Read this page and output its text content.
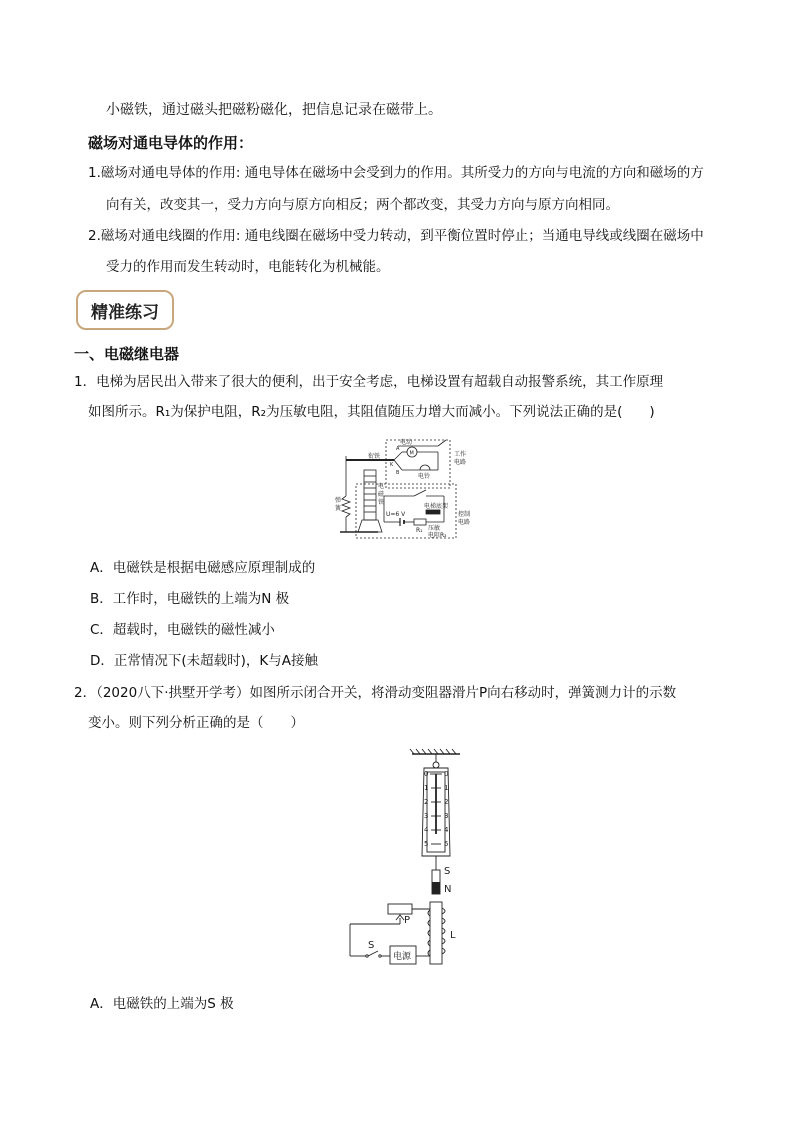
小磁铁，通过磁头把磁粉磁化，把信息记录在磁带上。
磁场对通电导体的作用：
1.磁场对通电导体的作用: 通电导体在磁场中会受到力的作用。其所受力的方向与电流的方向和磁场的方
向有关，改变其一，受力方向与原方向相反；两个都改变，其受力方向与原方向相同。
2.磁场对通电线圈的作用: 通电线圈在磁场中受力转动，到平衡位置时停止；当通电导线或线圈在磁场中
受力的作用而发生转动时，电能转化为机械能。
精准练习
一、电磁继电器
1．电梯为居民出入带来了很大的便利，出于安全考虑，电梯设置有超载自动报警系统，其工作原理
如图所示。R₁为保护电阻，R₂为压敏电阻，其阻值随压力增大而减小。下列说法正确的是(　　)
衔铁
电动
M
电铃
A
B
K
工作
电路
弹
簧
电
磁
铁
电梯底架
U=6 V
R₁ 压敏
电阻R₂
控制
电路
A．电磁铁是根据电磁感应原理制成的
B．工作时，电磁铁的上端为N 极
C．超载时，电磁铁的磁性减小
D．正常情况下(未超载时)，K与A接触
2．（2020八下·拱墅开学考）如图所示闭合开关，将滑动变阻器滑片P向右移动时，弹簧测力计的示数
变小。则下列分析正确的是（　　）
0
1
2
3
4
5
0
1
2
3
4
5
S
N
P
S
L
电源
A．电磁铁的上端为S 极
